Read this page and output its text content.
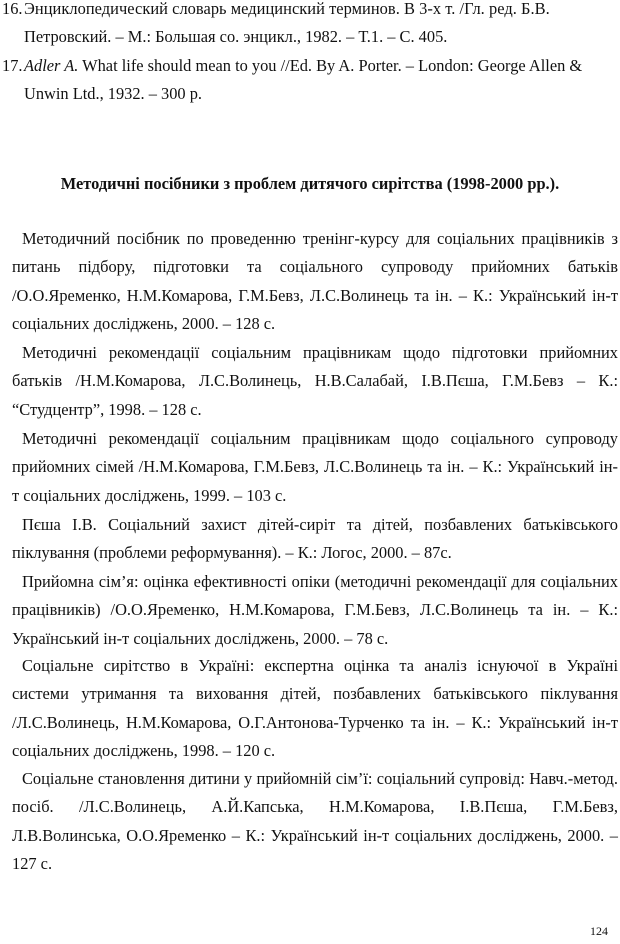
16. Энциклопедический словарь медицинский терминов. В 3-х т. /Гл. ред. Б.В.
Петровский. – М.: Большая со. энцикл., 1982. – Т.1. – С. 405.
17. Adler A. What life should mean to you //Ed. By A. Porter. – London: George Allen &
Unwin Ltd., 1932. – 300 p.
Методичні посібники з проблем дитячого сирітства (1998-2000 рр.).
Методичний посібник по проведенню тренінг-курсу для соціальних працівників з
питань підбору, підготовки та соціального супроводу прийомних батьків
/О.О.Яременко, Н.М.Комарова, Г.М.Бевз, Л.С.Волинець та ін. – К.: Український ін-т
соціальних досліджень, 2000. – 128 с.
Методичні рекомендації соціальним працівникам щодо підготовки прийомних
батьків /Н.М.Комарова, Л.С.Волинець, Н.В.Салабай, І.В.Пєша, Г.М.Бевз – К.:
“Студцентр”, 1998. – 128 с.
Методичні рекомендації соціальним працівникам щодо соціального супроводу
прийомних сімей /Н.М.Комарова, Г.М.Бевз, Л.С.Волинець та ін. – К.: Український ін-
т соціальних досліджень, 1999. – 103 с.
Пєша І.В. Соціальний захист дітей-сиріт та дітей, позбавлених батьківського
піклування (проблеми реформування). – К.: Логос, 2000. – 87с.
Прийомна сім’я: оцінка ефективності опіки (методичні рекомендації для соціальних
працівників) /О.О.Яременко, Н.М.Комарова, Г.М.Бевз, Л.С.Волинець та ін. – К.:
Український ін-т соціальних досліджень, 2000. – 78 с.
Соціальне сирітство в Україні: експертна оцінка та аналіз існуючої в Україні
системи утримання та виховання дітей, позбавлених батьківського піклування
/Л.С.Волинець, Н.М.Комарова, О.Г.Антонова-Турченко та ін. – К.: Український ін-т
соціальних досліджень, 1998. – 120 с.
Соціальне становлення дитини у прийомній сім’ї: соціальний супровід: Навч.-метод.
посіб. /Л.С.Волинець, А.Й.Капська, Н.М.Комарова, І.В.Пєша, Г.М.Бевз,
Л.В.Волинська, О.О.Яременко – К.: Український ін-т соціальних досліджень, 2000. –
127 с.
124
